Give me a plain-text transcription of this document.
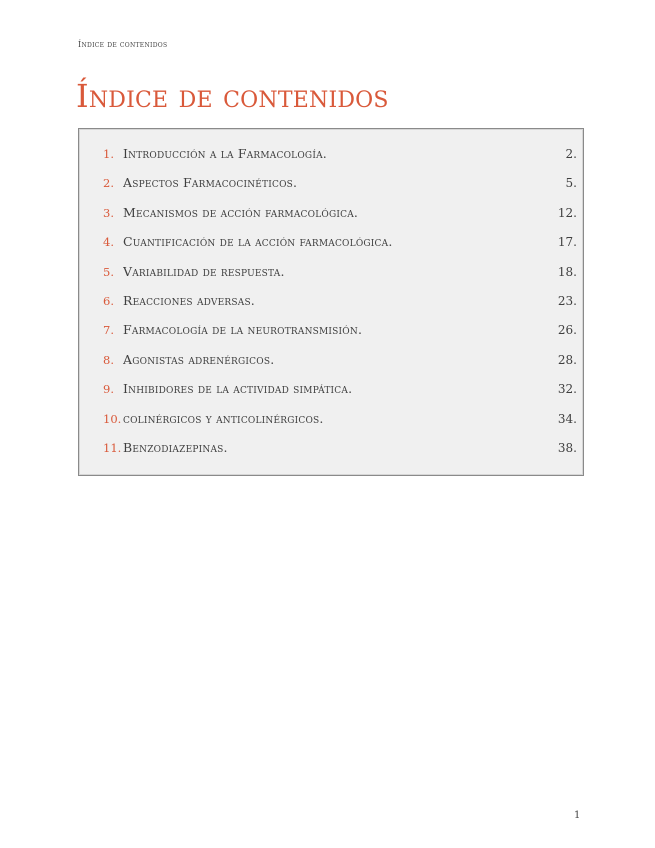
Índice de contenidos
Índice de contenidos
1. Introducción a la Farmacología.	2.
2. Aspectos Farmacocinéticos.	5.
3. Mecanismos de acción farmacológica.	12.
4. Cuantificación de la acción farmacológica.	17.
5. Variabilidad de respuesta.	18.
6. Reacciones adversas.	23.
7. Farmacología de la neurotransmisión.	26.
8. Agonistas adrenérgicos.	28.
9. Inhibidores de la actividad simpática.	32.
10. colinérgicos y anticolinérgicos.	34.
11. Benzodiazepinas.	38.
1
